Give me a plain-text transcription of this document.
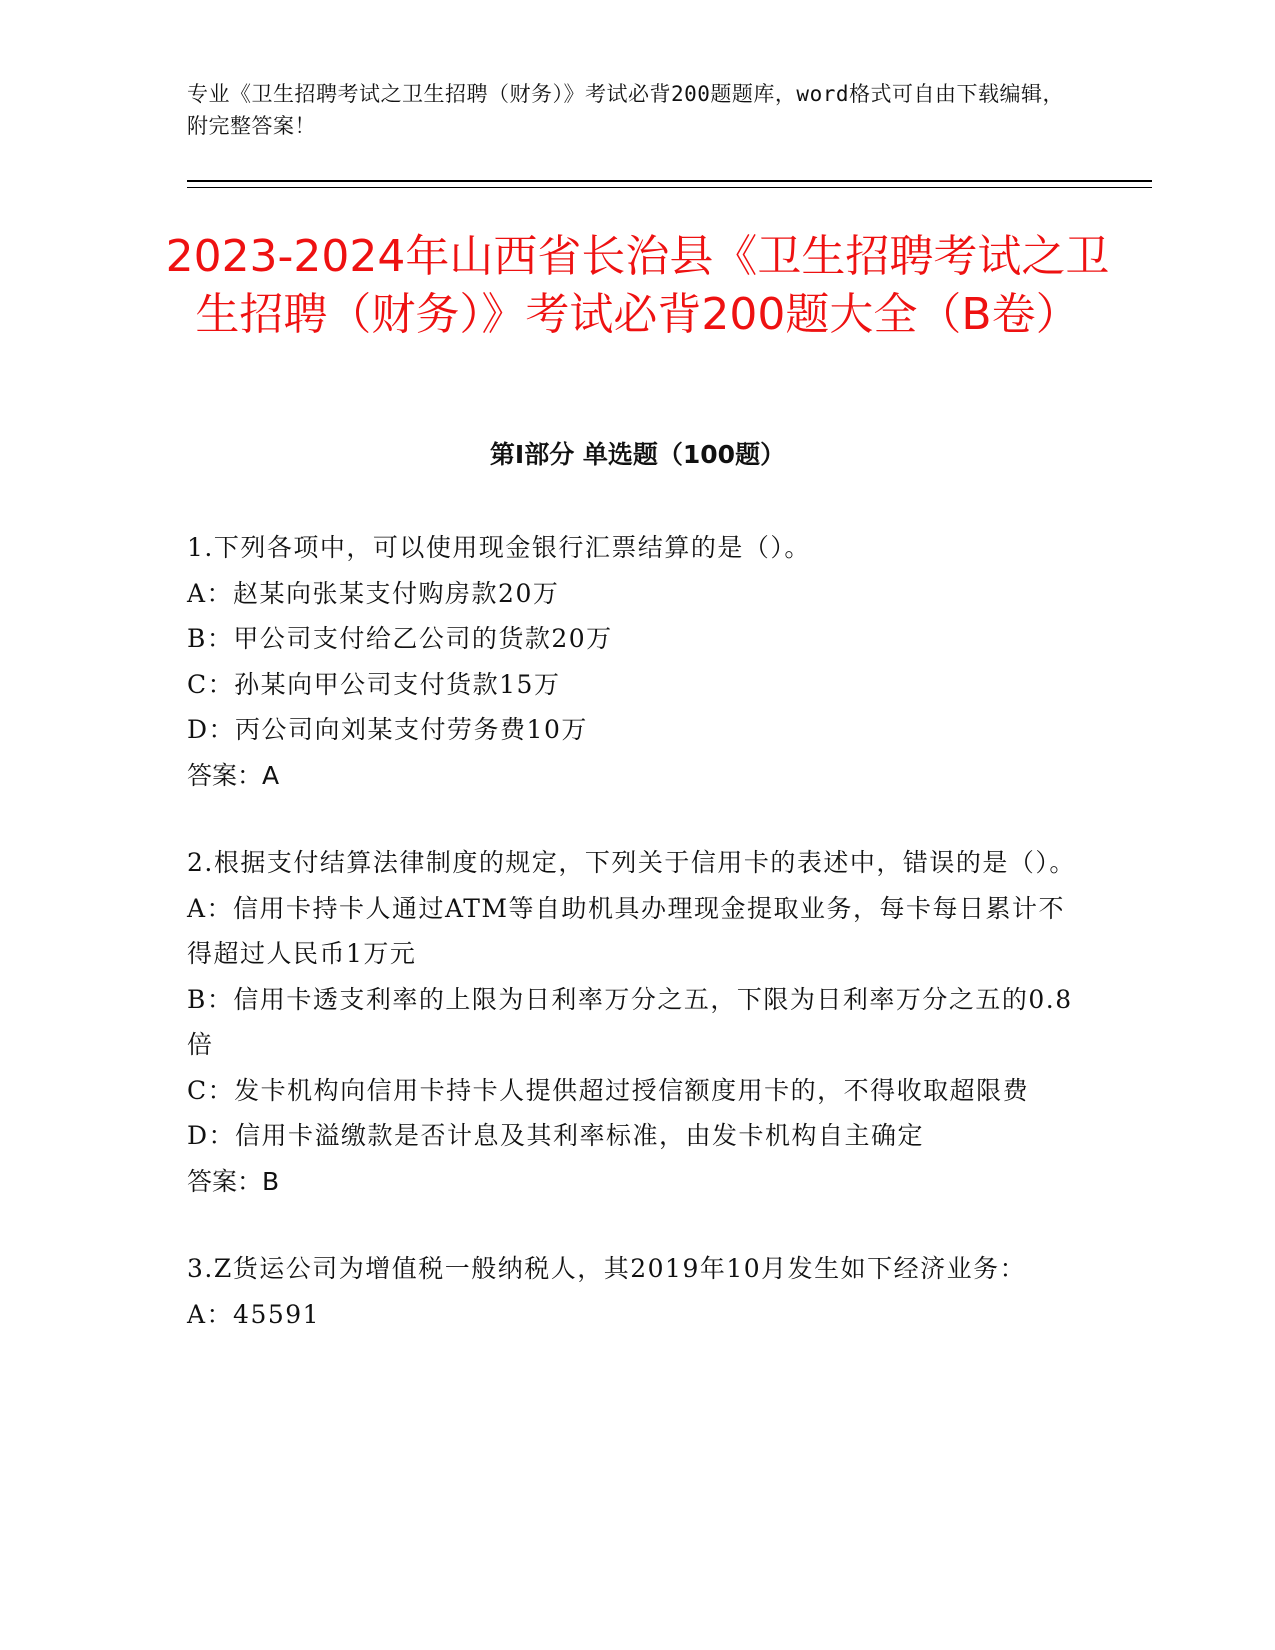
专业《卫生招聘考试之卫生招聘（财务）》考试必背200题题库，word格式可自由下载编辑，附完整答案！
2023-2024年山西省长治县《卫生招聘考试之卫生招聘（财务）》考试必背200题大全（B卷）
第Ⅰ部分 单选题（100题）
1.下列各项中，可以使用现金银行汇票结算的是（）。
A：赵某向张某支付购房款20万
B：甲公司支付给乙公司的货款20万
C：孙某向甲公司支付货款15万
D：丙公司向刘某支付劳务费10万
答案：A
2.根据支付结算法律制度的规定，下列关于信用卡的表述中，错误的是（）。
A：信用卡持卡人通过ATM等自助机具办理现金提取业务，每卡每日累计不得超过人民币1万元
B：信用卡透支利率的上限为日利率万分之五，下限为日利率万分之五的0.8倍
C：发卡机构向信用卡持卡人提供超过授信额度用卡的，不得收取超限费
D：信用卡溢缴款是否计息及其利率标准，由发卡机构自主确定
答案：B
3.Z货运公司为增值税一般纳税人，其2019年10月发生如下经济业务：
A：45591
